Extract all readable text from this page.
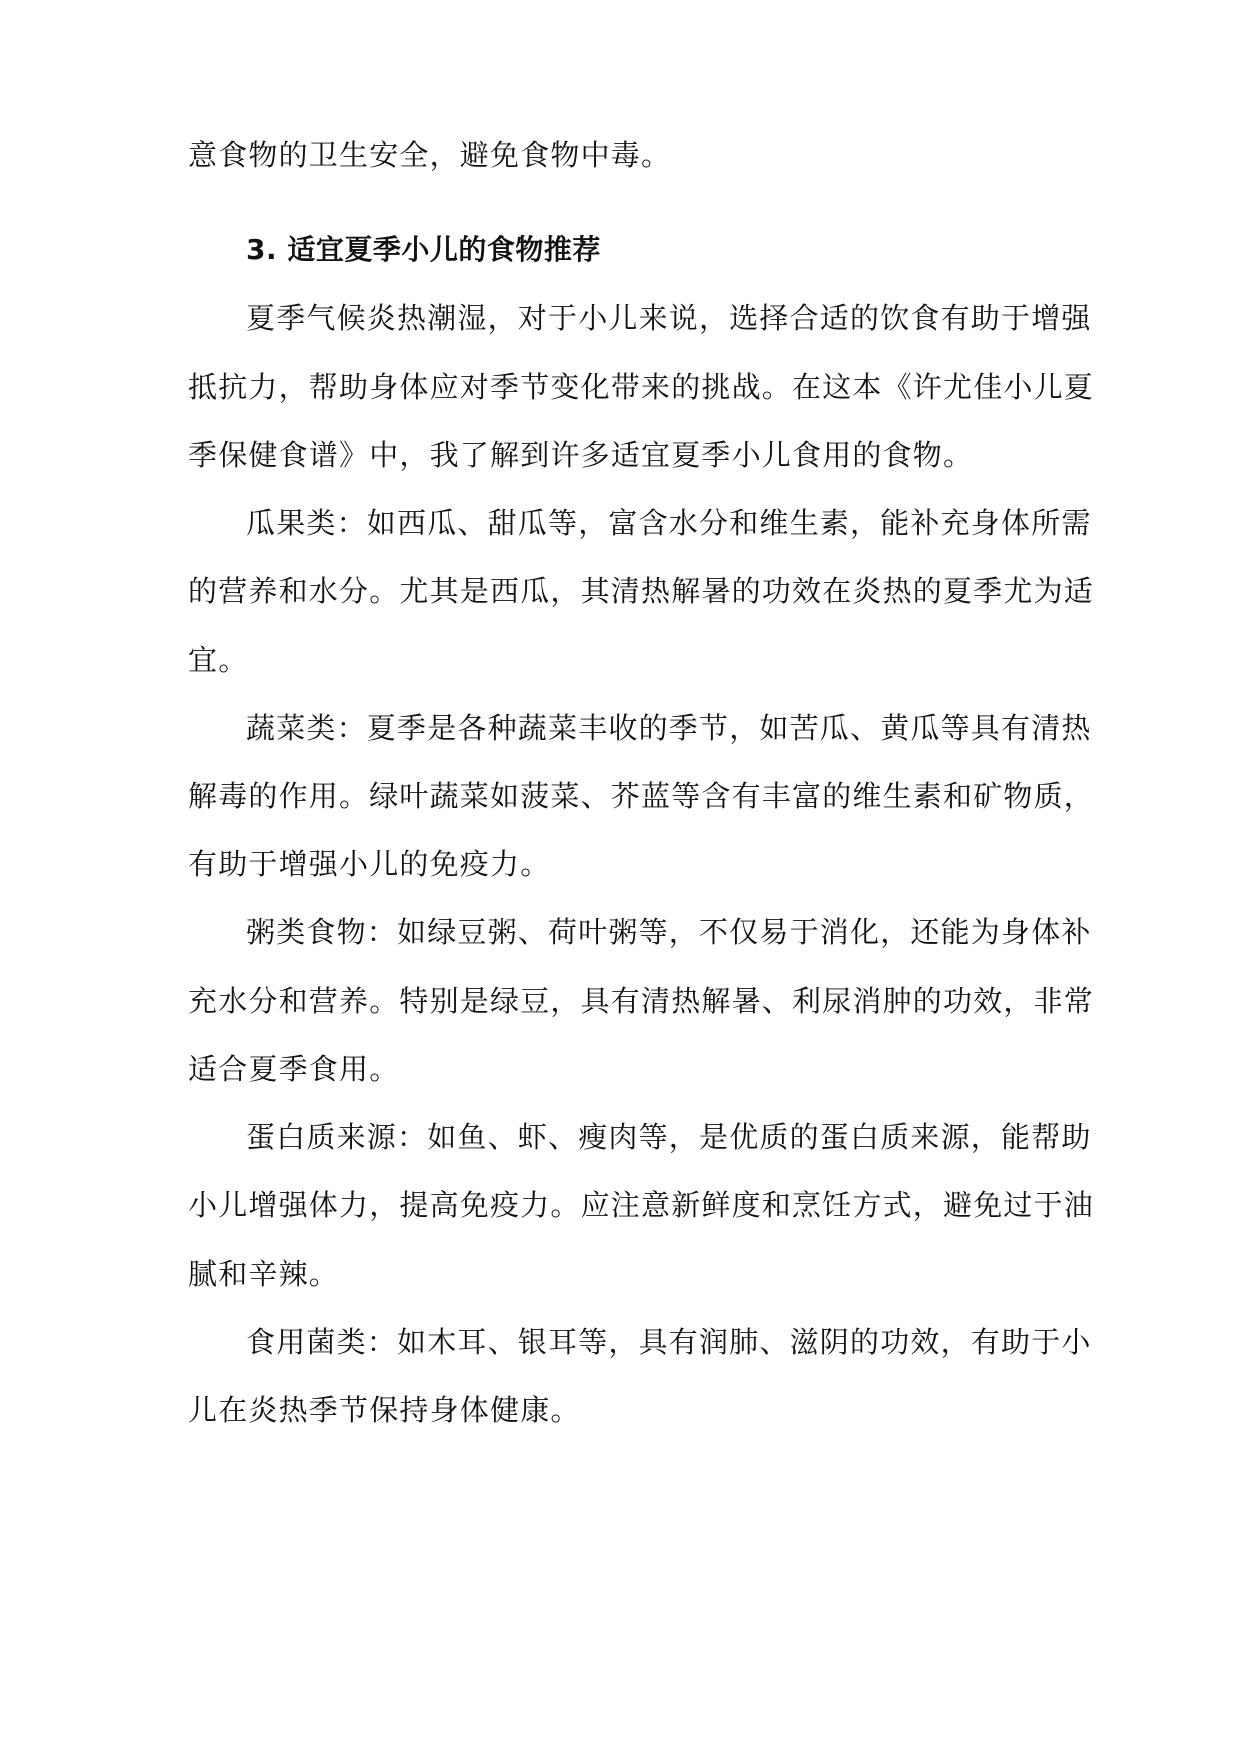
意食物的卫生安全，避免食物中毒。
3. 适宜夏季小儿的食物推荐
夏季气候炎热潮湿，对于小儿来说，选择合适的饮食有助于增强
抵抗力，帮助身体应对季节变化带来的挑战。在这本《许尤佳小儿夏
季保健食谱》中，我了解到许多适宜夏季小儿食用的食物。
瓜果类：如西瓜、甜瓜等，富含水分和维生素，能补充身体所需
的营养和水分。尤其是西瓜，其清热解暑的功效在炎热的夏季尤为适
宜。
蔬菜类：夏季是各种蔬菜丰收的季节，如苦瓜、黄瓜等具有清热
解毒的作用。绿叶蔬菜如菠菜、芥蓝等含有丰富的维生素和矿物质，
有助于增强小儿的免疫力。
粥类食物：如绿豆粥、荷叶粥等，不仅易于消化，还能为身体补
充水分和营养。特别是绿豆，具有清热解暑、利尿消肿的功效，非常
适合夏季食用。
蛋白质来源：如鱼、虾、瘦肉等，是优质的蛋白质来源，能帮助
小儿增强体力，提高免疫力。应注意新鲜度和烹饪方式，避免过于油
腻和辛辣。
食用菌类：如木耳、银耳等，具有润肺、滋阴的功效，有助于小
儿在炎热季节保持身体健康。
